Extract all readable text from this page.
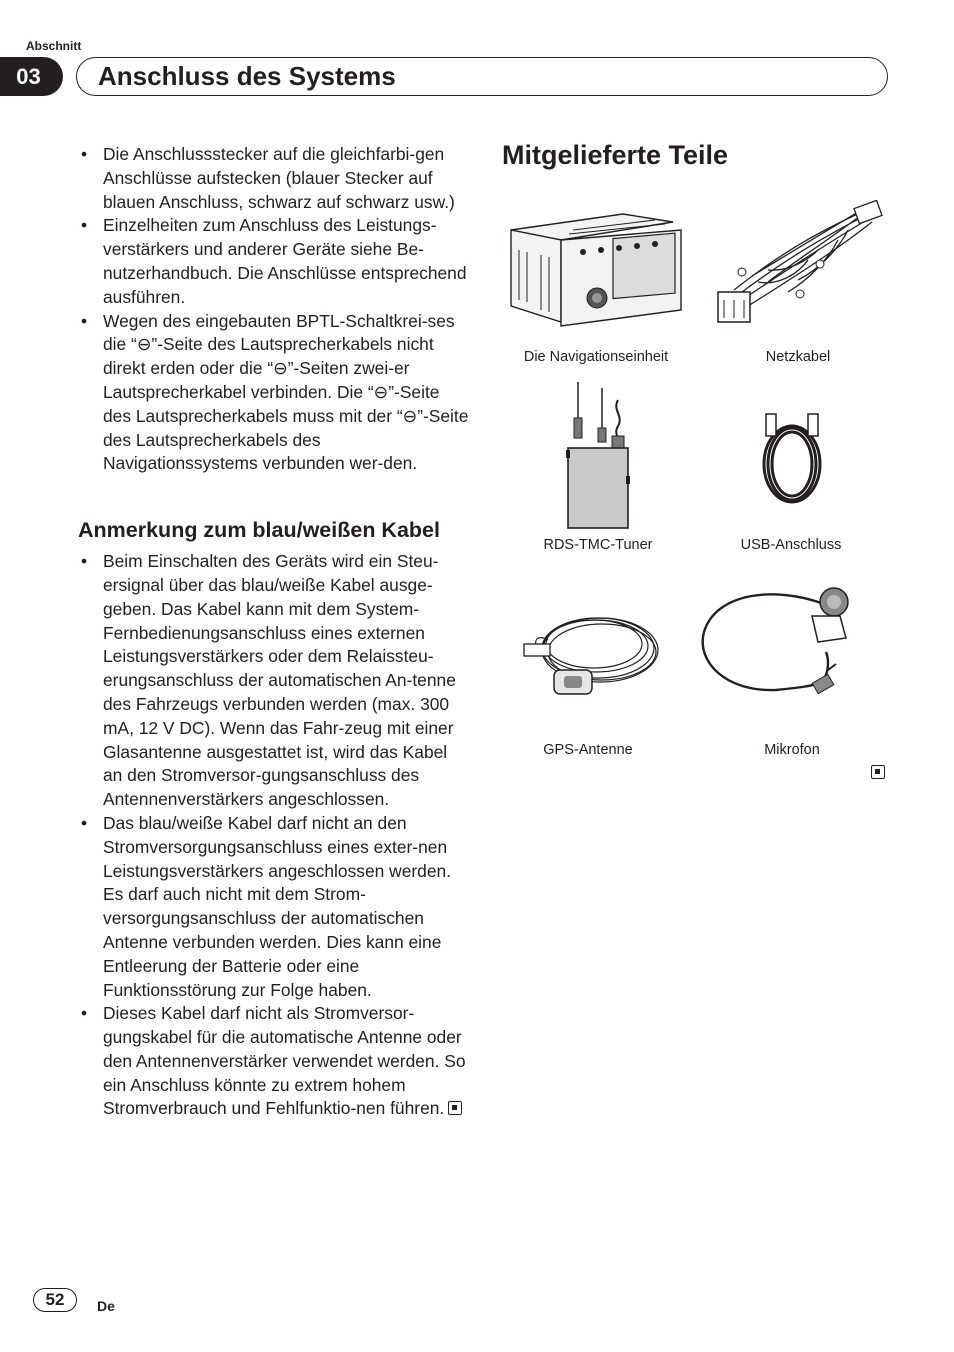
Abschnitt
03	Anschluss des Systems
• Die Anschlussstecker auf die gleichfarbi-gen Anschlüsse aufstecken (blauer Stecker auf blauen Anschluss, schwarz auf schwarz usw.)
• Einzelheiten zum Anschluss des Leistungs-verstärkers und anderer Geräte siehe Be-nutzerhandbuch. Die Anschlüsse entsprechend ausführen.
• Wegen des eingebauten BPTL-Schaltkrei-ses die “⊖”-Seite des Lautsprecherkabels nicht direkt erden oder die “⊖”-Seiten zwei-er Lautsprecherkabel verbinden. Die “⊖”-Seite des Lautsprecherkabels muss mit der “⊖”-Seite des Lautsprecherkabels des Navigationssystems verbunden wer-den.
Anmerkung zum blau/weißen Kabel
• Beim Einschalten des Geräts wird ein Steu-ersignal über das blau/weiße Kabel ausge-geben. Das Kabel kann mit dem System-Fernbedienungsanschluss eines externen Leistungsverstärkers oder dem Relaissteu-erungsanschluss der automatischen An-tenne des Fahrzeugs verbunden werden (max. 300 mA, 12 V DC). Wenn das Fahr-zeug mit einer Glasantenne ausgestattet ist, wird das Kabel an den Stromversor-gungsanschluss des Antennenverstärkers angeschlossen.
• Das blau/weiße Kabel darf nicht an den Stromversorgungsanschluss eines exter-nen Leistungsverstärkers angeschlossen werden. Es darf auch nicht mit dem Strom-versorgungsanschluss der automatischen Antenne verbunden werden. Dies kann eine Entleerung der Batterie oder eine Funktionsstörung zur Folge haben.
• Dieses Kabel darf nicht als Stromversor-gungskabel für die automatische Antenne oder den Antennenverstärker verwendet werden. So ein Anschluss könnte zu extrem hohem Stromverbrauch und Fehlfunktio-nen führen.
Mitgelieferte Teile
Die Navigationseinheit	Netzkabel
RDS-TMC-Tuner	USB-Anschluss
GPS-Antenne	Mikrofon
52	De
